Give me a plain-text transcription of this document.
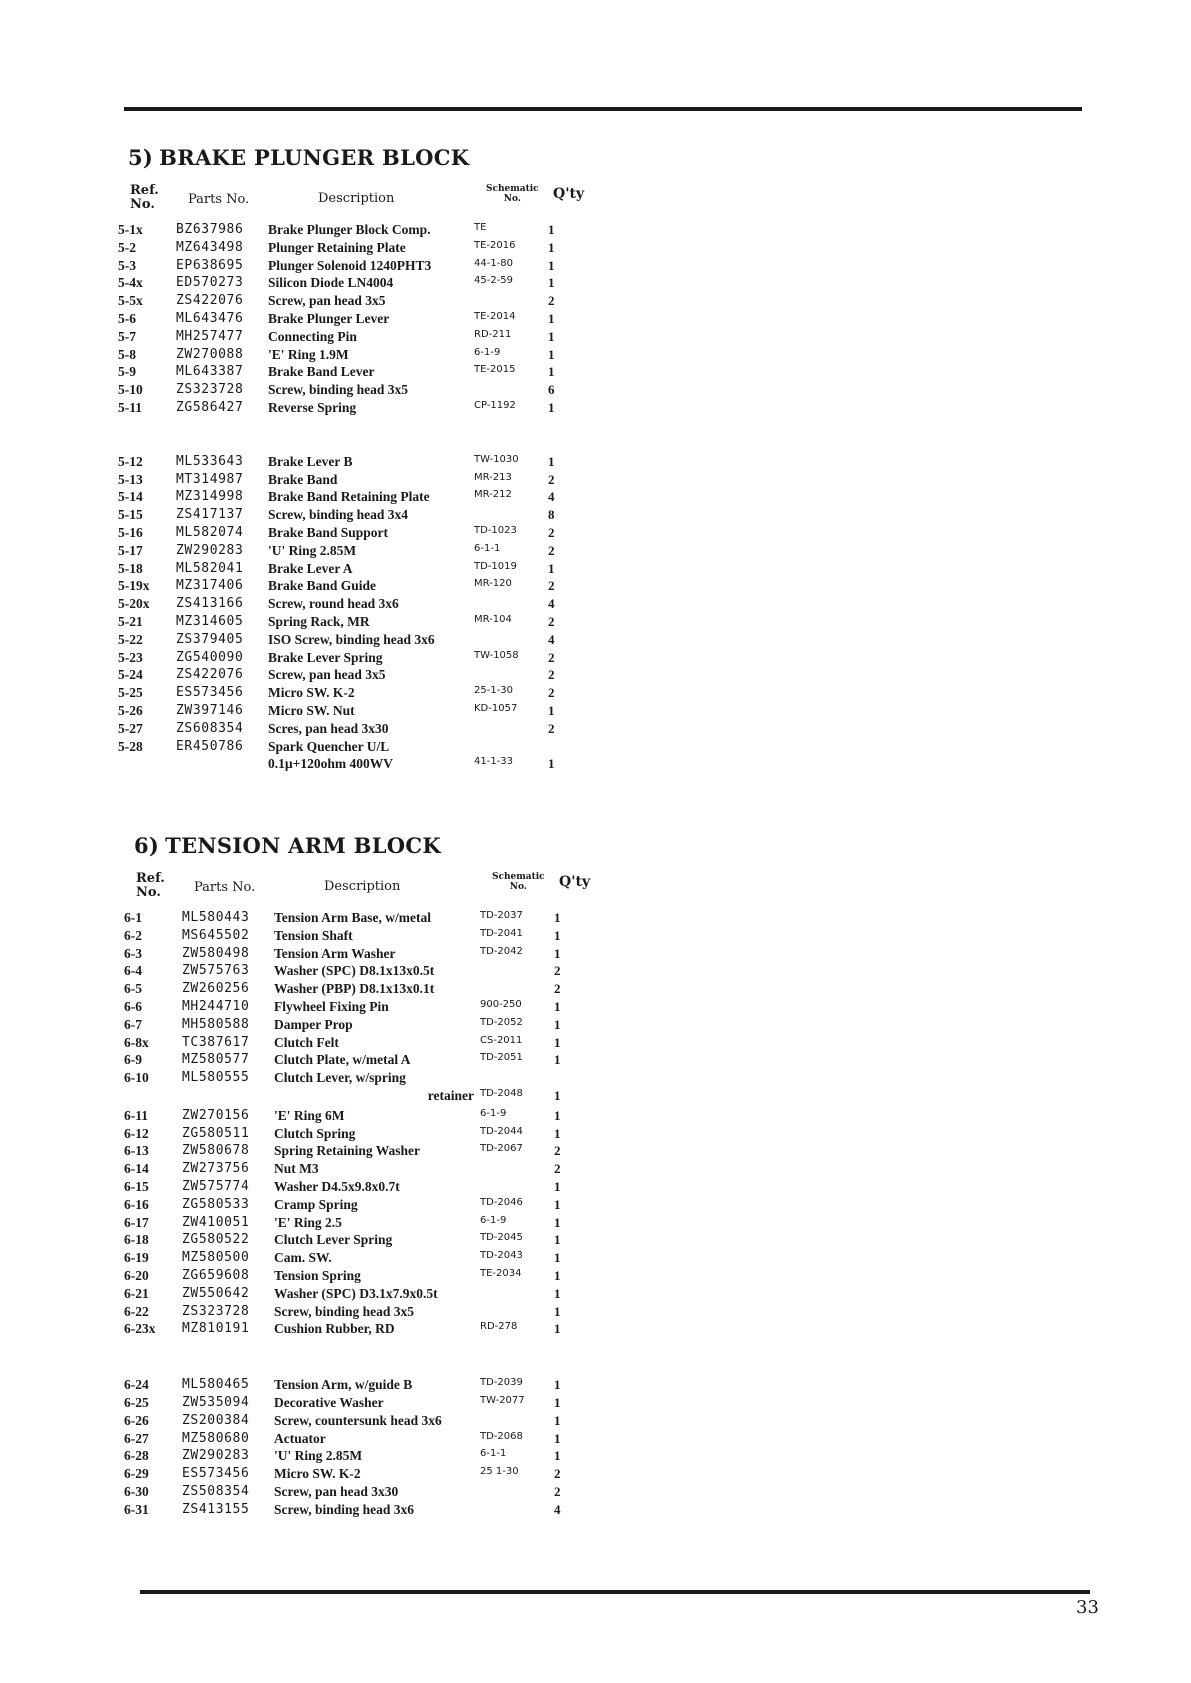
5) BRAKE PLUNGER BLOCK
Ref.
No.	Parts No.	Description
Schematic
No.	Q'ty
5-1x	BZ637986 Brake Plunger Block Comp.	TE	1
5-2	MZ643498 Plunger Retaining Plate	TE-2016	1
5-3	EP638695 Plunger Solenoid 1240PHT3	44-1-80	1
5-4x	ED570273 Silicon Diode LN4004	45-2-59	1
5-5x	ZS422076 Screw, pan head 3x5	2
5-6	ML643476 Brake Plunger Lever	TE-2014	1
5-7	MH257477 Connecting Pin	RD-211	1
5-8	ZW270088 'E' Ring 1.9M	6-1-9	1
5-9	ML643387 Brake Band Lever	TE-2015	1
5-10	ZS323728 Screw, binding head 3x5	6
5-11	ZG586427 Reverse Spring	CP-1192 1
5-12	ML533643 Brake Lever B	TW-1030 1
5-13	MT314987 Brake Band	MR-213	2
5-14	MZ314998 Brake Band Retaining Plate	MR-212	4
5-15	ZS417137 Screw, binding head 3x4	8
5-16	ML582074 Brake Band Support	TD-1023 2
5-17	ZW290283 'U' Ring 2.85M	6-1-1	2
5-18	ML582041 Brake Lever A	TD-1019 1
5-19x	MZ317406 Brake Band Guide	MR-120	2
5-20x	ZS413166 Screw, round head 3x6	4
5-21	MZ314605 Spring Rack, MR	MR-104	2
5-22	ZS379405 ISO Screw, binding head 3x6	4
5-23	ZG540090 Brake Lever Spring	TW-1058 2
5-24	ZS422076 Screw, pan head 3x5	2
5-25	ES573456 Micro SW. K-2	25-1-30	2
5-26	ZW397146 Micro SW. Nut	KD-1057 1
5-27	ZS608354 Scres, pan head 3x30	2
5-28	ER450786 Spark Quencher U/L
0.1µ+120ohm 400WV	41-1-33	1
6) TENSION ARM BLOCK
Ref.
No.	Parts No.	Description
Schematic
No.	Q'ty
6-1	ML580443 Tension Arm Base, w/metal	TD-2037 1
6-2	MS645502 Tension Shaft	TD-2041 1
6-3	ZW580498 Tension Arm Washer	TD-2042 1
6-4	ZW575763 Washer (SPC) D8.1x13x0.5t	2
6-5	ZW260256 Washer (PBP) D8.1x13x0.1t	2
6-6	MH244710 Flywheel Fixing Pin	900-250 1
6-7	MH580588 Damper Prop	TD-2052 1
6-8x	TC387617 Clutch Felt	CS-2011 1
6-9	MZ580577 Clutch Plate, w/metal A	TD-2051 1
6-10	ML580555 Clutch Lever, w/spring
retainer TD-2048 1
6-11	ZW270156 'E' Ring 6M	6-1-9	1
6-12	ZG580511 Clutch Spring	TD-2044 1
6-13	ZW580678 Spring Retaining Washer	TD-2067 2
6-14	ZW273756 Nut M3	2
6-15	ZW575774 Washer D4.5x9.8x0.7t	1
6-16	ZG580533 Cramp Spring	TD-2046 1
6-17	ZW410051 'E' Ring 2.5	6-1-9	1
6-18	ZG580522 Clutch Lever Spring	TD-2045 1
6-19	MZ580500 Cam. SW.	TD-2043 1
6-20	ZG659608 Tension Spring	TE-2034	1
6-21	ZW550642 Washer (SPC) D3.1x7.9x0.5t	1
6-22	ZS323728 Screw, binding head 3x5	1
6-23x	MZ810191 Cushion Rubber, RD	RD-278	1
6-24	ML580465 Tension Arm, w/guide B	TD-2039 1
6-25	ZW535094 Decorative Washer	TW-2077 1
6-26	ZS200384 Screw, countersunk head 3x6	1
6-27	MZ580680 Actuator	TD-2068 1
6-28	ZW290283 'U' Ring 2.85M	6-1-1	1
6-29	ES573456 Micro SW. K-2	25 1-30	2
6-30	ZS508354 Screw, pan head 3x30	2
6-31	ZS413155 Screw, binding head 3x6	4
33
